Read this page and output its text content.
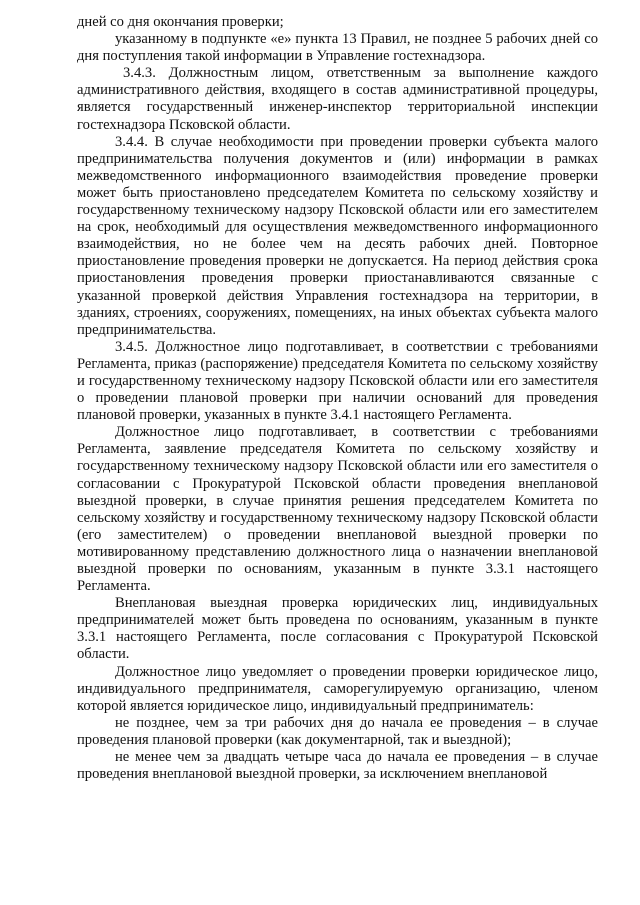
дней со дня окончания проверки;

указанному в подпункте «е» пункта 13 Правил, не позднее 5 рабочих дней со дня поступления такой информации в Управление гостехнадзора.

3.4.3. Должностным лицом, ответственным за выполнение каждого административного действия, входящего в состав административной процедуры, является государственный инженер-инспектор территориальной инспекции гостехнадзора Псковской области.

3.4.4. В случае необходимости при проведении проверки субъекта малого предпринимательства получения документов и (или) информации в рамках межведомственного информационного взаимодействия проведение проверки может быть приостановлено председателем Комитета по сельскому хозяйству и государственному техническому надзору Псковской области или его заместителем на срок, необходимый для осуществления межведомственного информационного взаимодействия, но не более чем на десять рабочих дней. Повторное приостановление проведения проверки не допускается. На период действия срока приостановления проведения проверки приостанавливаются связанные с указанной проверкой действия Управления гостехнадзора на территории, в зданиях, строениях, сооружениях, помещениях, на иных объектах субъекта малого предпринимательства.

3.4.5. Должностное лицо подготавливает, в соответствии с требованиями Регламента, приказ (распоряжение) председателя Комитета по сельскому хозяйству и государственному техническому надзору Псковской области или его заместителя о проведении плановой проверки при наличии оснований для проведения плановой проверки, указанных в пункте 3.4.1 настоящего Регламента.

Должностное лицо подготавливает, в соответствии с требованиями Регламента, заявление председателя Комитета по сельскому хозяйству и государственному техническому надзору Псковской области или его заместителя о согласовании с Прокуратурой Псковской области проведения внеплановой выездной проверки, в случае принятия решения председателем Комитета по сельскому хозяйству и государственному техническому надзору Псковской области (его заместителем) о проведении внеплановой выездной проверки по мотивированному представлению должностного лица о назначении внеплановой выездной проверки по основаниям, указанным в пункте 3.3.1 настоящего Регламента.

Внеплановая выездная проверка юридических лиц, индивидуальных предпринимателей может быть проведена по основаниям, указанным в пункте 3.3.1 настоящего Регламента, после согласования с Прокуратурой Псковской области.

Должностное лицо уведомляет о проведении проверки юридическое лицо, индивидуального предпринимателя, саморегулируемую организацию, членом которой является юридическое лицо, индивидуальный предприниматель:

не позднее, чем за три рабочих дня до начала ее проведения – в случае проведения плановой проверки (как документарной, так и выездной);

не менее чем за двадцать четыре часа до начала ее проведения – в случае проведения внеплановой выездной проверки, за исключением внеплановой
